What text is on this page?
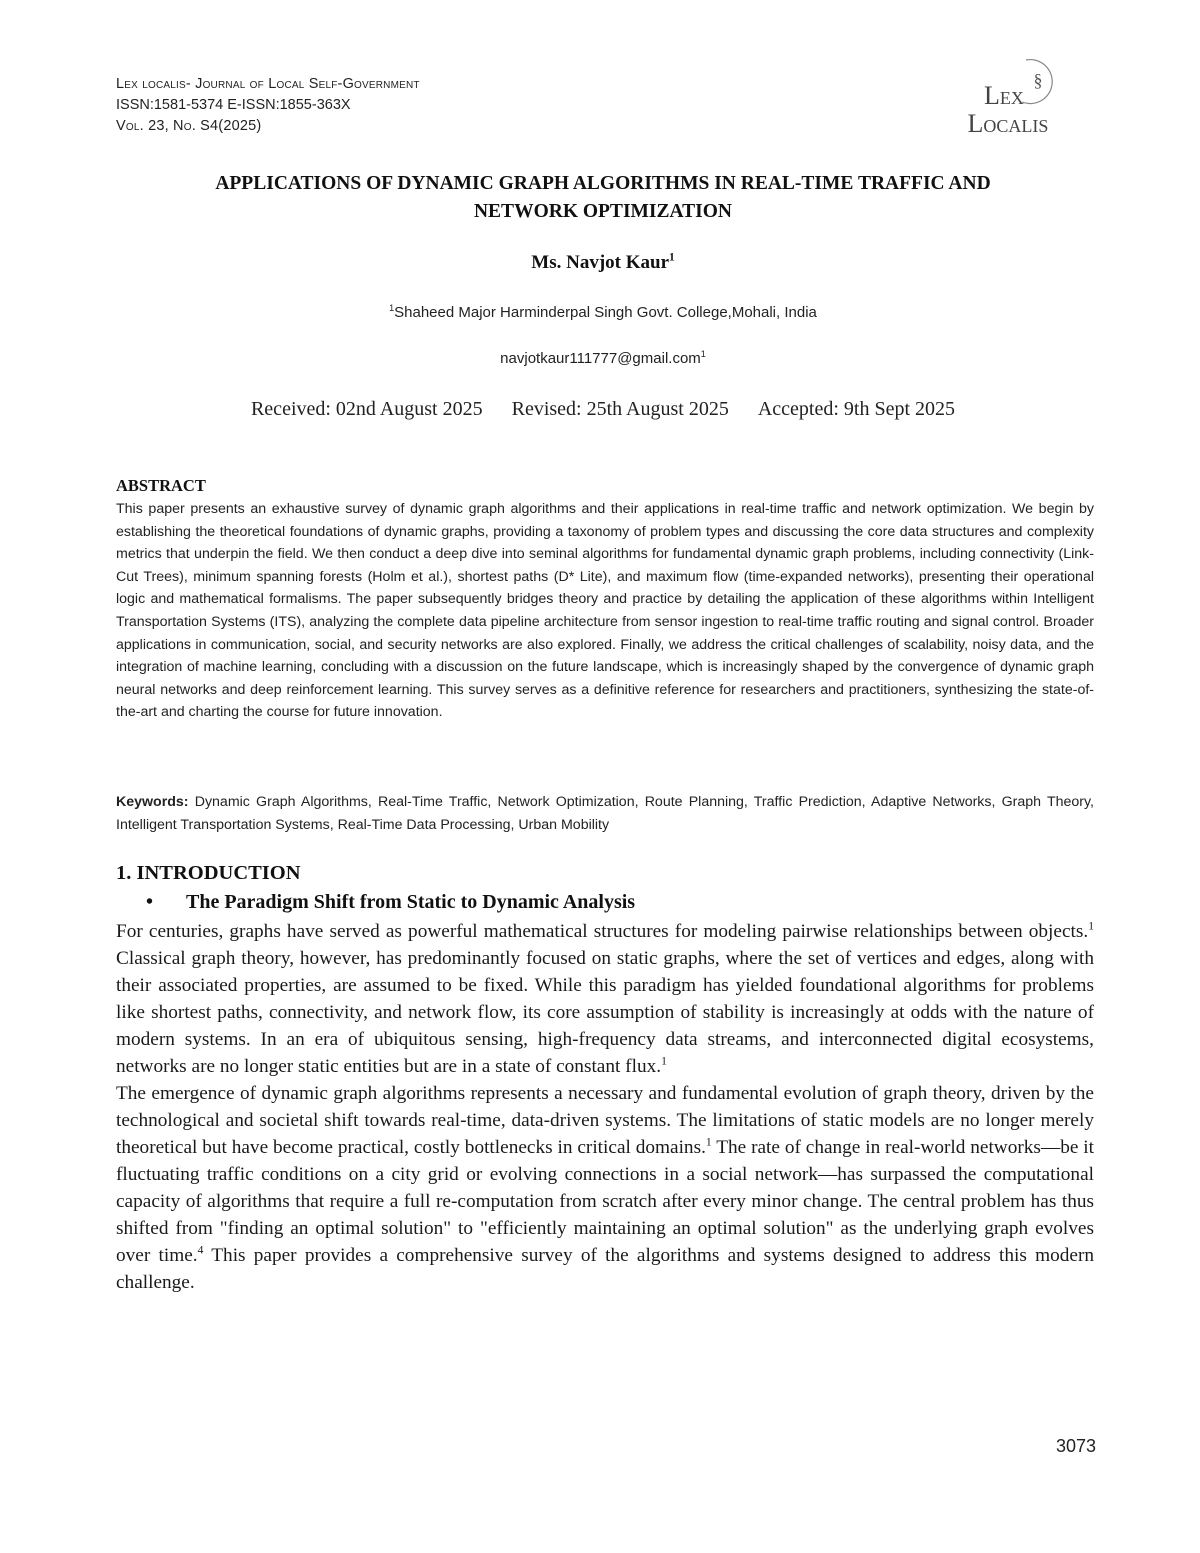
Lex localis- Journal of Local Self-Government
ISSN:1581-5374 E-ISSN:1855-363X
Vol. 23, No. S4(2025)
§
Lex
Localis
APPLICATIONS OF DYNAMIC GRAPH ALGORITHMS IN REAL-TIME TRAFFIC AND
NETWORK OPTIMIZATION
Ms. Navjot Kaur$^1$
$^1$Shaheed Major Harminderpal Singh Govt. College,Mohali, India
navjotkaur111777@gmail.com$^1$
Received: 02nd August 2025 Revised: 25th August 2025 Accepted: 9th Sept 2025
ABSTRACT
This paper presents an exhaustive survey of dynamic graph algorithms and their applications in real-time traffic and network optimization. We begin by establishing the theoretical foundations of dynamic graphs, providing a taxonomy of problem types and discussing the core data structures and complexity metrics that underpin the field. We then conduct a deep dive into seminal algorithms for fundamental dynamic graph problems, including connectivity (Link-Cut Trees), minimum spanning forests (Holm et al.), shortest paths (D* Lite), and maximum flow (time-expanded networks), presenting their operational logic and mathematical formalisms. The paper subsequently bridges theory and practice by detailing the application of these algorithms within Intelligent Transportation Systems (ITS), analyzing the complete data pipeline architecture from sensor ingestion to real-time traffic routing and signal control. Broader applications in communication, social, and security networks are also explored. Finally, we address the critical challenges of scalability, noisy data, and the integration of machine learning, concluding with a discussion on the future landscape, which is increasingly shaped by the convergence of dynamic graph neural networks and deep reinforcement learning. This survey serves as a definitive reference for researchers and practitioners, synthesizing the state-of-the-art and charting the course for future innovation.
Keywords: Dynamic Graph Algorithms, Real-Time Traffic, Network Optimization, Route Planning, Traffic Prediction, Adaptive Networks, Graph Theory, Intelligent Transportation Systems, Real-Time Data Processing, Urban Mobility
1. INTRODUCTION
• The Paradigm Shift from Static to Dynamic Analysis

For centuries, graphs have served as powerful mathematical structures for modeling pairwise relationships between objects.$^1$ Classical graph theory, however, has predominantly focused on static graphs, where the set of vertices and edges, along with their associated properties, are assumed to be fixed. While this paradigm has yielded foundational algorithms for problems like shortest paths, connectivity, and network flow, its core assumption of stability is increasingly at odds with the nature of modern systems. In an era of ubiquitous sensing, high-frequency data streams, and interconnected digital ecosystems, networks are no longer static entities but are in a state of constant flux.$^1$

The emergence of dynamic graph algorithms represents a necessary and fundamental evolution of graph theory, driven by the technological and societal shift towards real-time, data-driven systems. The limitations of static models are no longer merely theoretical but have become practical, costly bottlenecks in critical domains.$^1$ The rate of change in real-world networks—be it fluctuating traffic conditions on a city grid or evolving connections in a social network—has surpassed the computational capacity of algorithms that require a full re-computation from scratch after every minor change. The central problem has thus shifted from "finding an optimal solution" to "efficiently maintaining an optimal solution" as the underlying graph evolves over time.$^4$ This paper provides a comprehensive survey of the algorithms and systems designed to address this modern challenge.

3073
